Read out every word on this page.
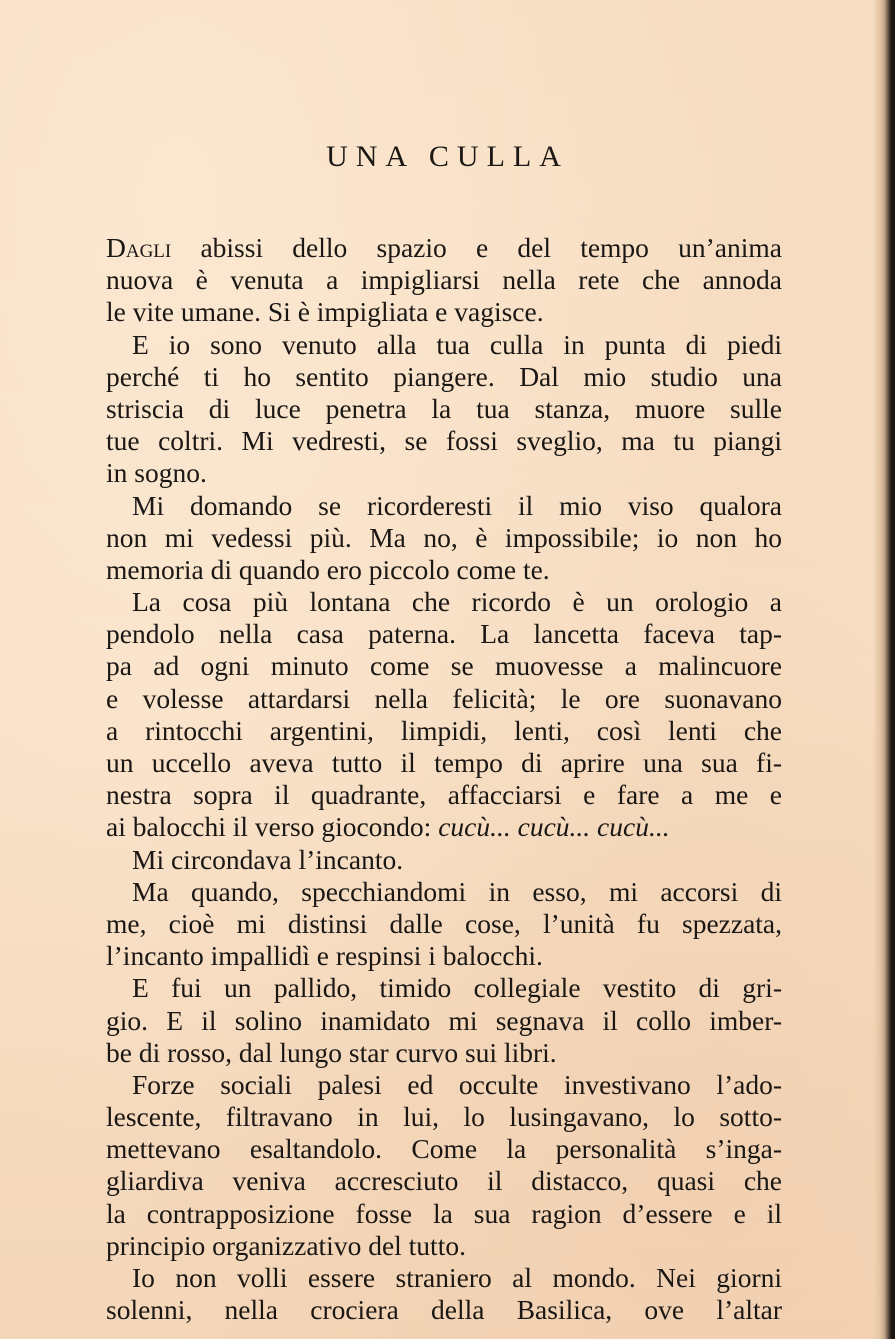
UNA CULLA
Dagli abissi dello spazio e del tempo un’anima
nuova è venuta a impigliarsi nella rete che annoda
le vite umane. Si è impigliata e vagisce.
E io sono venuto alla tua culla in punta di piedi
perché ti ho sentito piangere. Dal mio studio una
striscia di luce penetra la tua stanza, muore sulle
tue coltri. Mi vedresti, se fossi sveglio, ma tu piangi
in sogno.
Mi domando se ricorderesti il mio viso qualora
non mi vedessi più. Ma no, è impossibile; io non ho
memoria di quando ero piccolo come te.
La cosa più lontana che ricordo è un orologio a
pendolo nella casa paterna. La lancetta faceva tap-
pa ad ogni minuto come se muovesse a malincuore
e volesse attardarsi nella felicità; le ore suonavano
a rintocchi argentini, limpidi, lenti, così lenti che
un uccello aveva tutto il tempo di aprire una sua fi-
nestra sopra il quadrante, affacciarsi e fare a me e
ai balocchi il verso giocondo: cucù... cucù... cucù...
Mi circondava l’incanto.
Ma quando, specchiandomi in esso, mi accorsi di
me, cioè mi distinsi dalle cose, l’unità fu spezzata,
l’incanto impallidì e respinsi i balocchi.
E fui un pallido, timido collegiale vestito di gri-
gio. E il solino inamidato mi segnava il collo imber-
be di rosso, dal lungo star curvo sui libri.
Forze sociali palesi ed occulte investivano l’ado-
lescente, filtravano in lui, lo lusingavano, lo sotto-
mettevano esaltandolo. Come la personalità s’inga-
gliardiva veniva accresciuto il distacco, quasi che
la contrapposizione fosse la sua ragion d’essere e il
principio organizzativo del tutto.
Io non volli essere straniero al mondo. Nei giorni
solenni, nella crociera della Basilica, ove l’altar
